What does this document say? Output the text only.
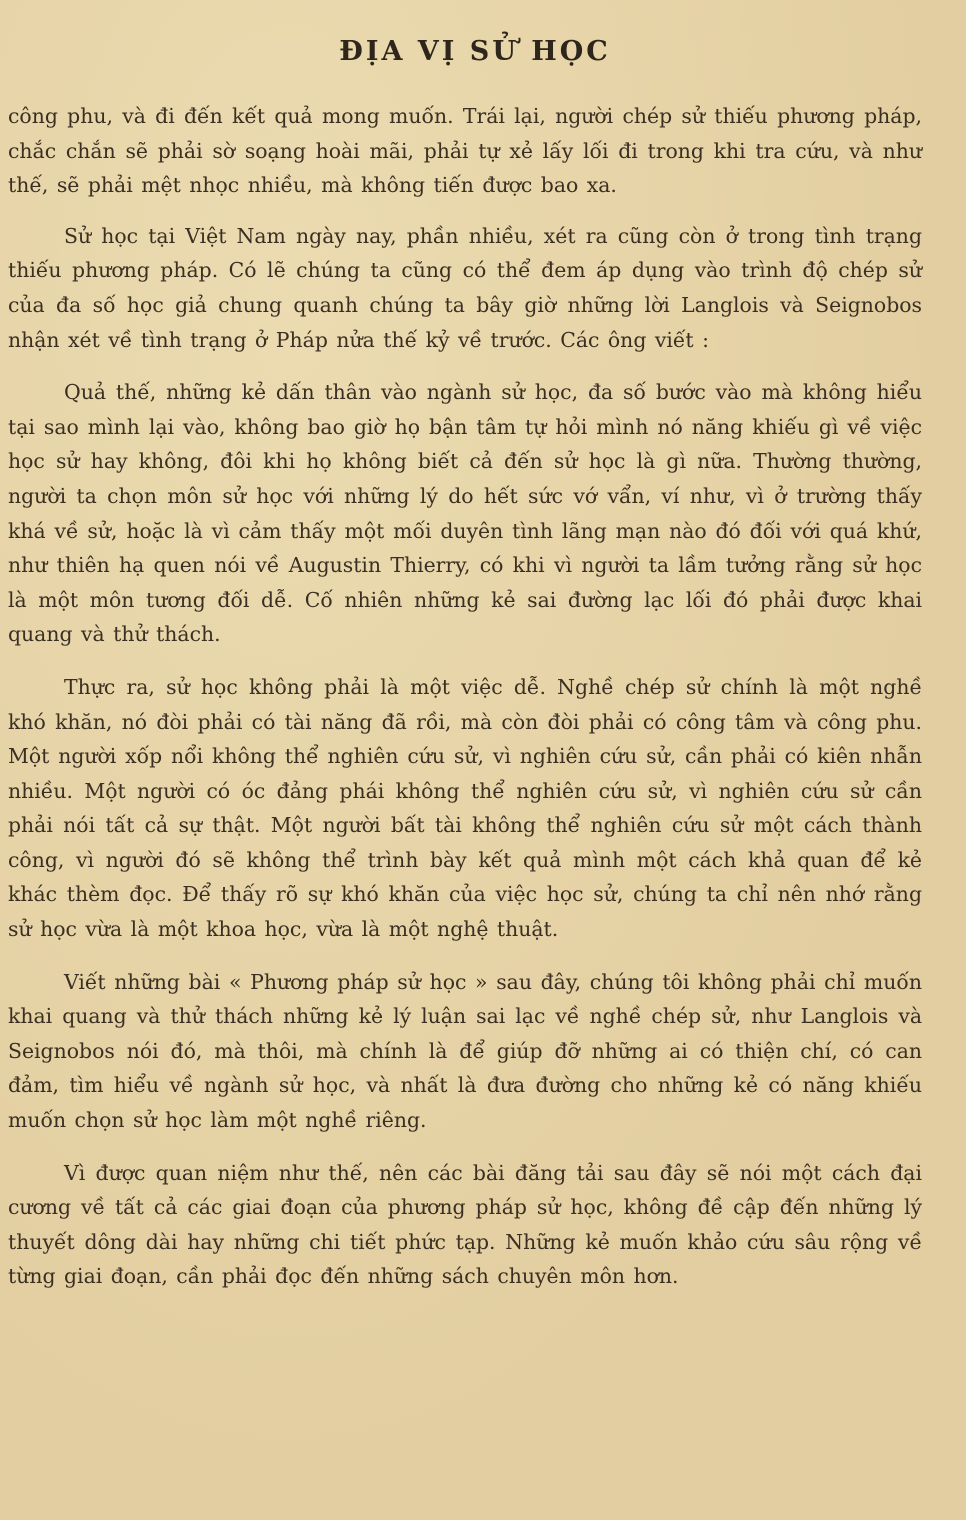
ĐỊA VỊ SỬ HỌC

công phu, và đi đến kết quả mong muốn. Trái lại, người chép sử thiếu phương pháp, chắc chắn sẽ phải sờ soạng hoài mãi, phải tự xẻ lấy lối đi trong khi tra cứu, và như thế, sẽ phải mệt nhọc nhiều, mà không tiến được bao xa.

Sử học tại Việt Nam ngày nay, phần nhiều, xét ra cũng còn ở trong tình trạng thiếu phương pháp. Có lẽ chúng ta cũng có thể đem áp dụng vào trình độ chép sử của đa số học giả chung quanh chúng ta bây giờ những lời Langlois và Seignobos nhận xét về tình trạng ở Pháp nửa thế kỷ về trước. Các ông viết :

Quả thế, những kẻ dấn thân vào ngành sử học, đa số bước vào mà không hiểu tại sao mình lại vào, không bao giờ họ bận tâm tự hỏi mình nó năng khiếu gì về việc học sử hay không, đôi khi họ không biết cả đến sử học là gì nữa. Thường thường, người ta chọn môn sử học với những lý do hết sức vớ vẩn, ví như, vì ở trường thấy khá về sử, hoặc là vì cảm thấy một mối duyên tình lãng mạn nào đó đối với quá khứ, như thiên hạ quen nói về Augustin Thierry, có khi vì người ta lầm tưởng rằng sử học là một môn tương đối dễ. Cố nhiên những kẻ sai đường lạc lối đó phải được khai quang và thử thách.

Thực ra, sử học không phải là một việc dễ. Nghề chép sử chính là một nghề khó khăn, nó đòi phải có tài năng đã rồi, mà còn đòi phải có công tâm và công phu. Một người xốp nổi không thể nghiên cứu sử, vì nghiên cứu sử, cần phải có kiên nhẫn nhiều. Một người có óc đảng phái không thể nghiên cứu sử, vì nghiên cứu sử cần phải nói tất cả sự thật. Một người bất tài không thể nghiên cứu sử một cách thành công, vì người đó sẽ không thể trình bày kết quả mình một cách khả quan để kẻ khác thèm đọc. Để thấy rõ sự khó khăn của việc học sử, chúng ta chỉ nên nhớ rằng sử học vừa là một khoa học, vừa là một nghệ thuật.

Viết những bài « Phương pháp sử học » sau đây, chúng tôi không phải chỉ muốn khai quang và thử thách những kẻ lý luận sai lạc về nghề chép sử, như Langlois và Seignobos nói đó, mà thôi, mà chính là để giúp đỡ những ai có thiện chí, có can đảm, tìm hiểu về ngành sử học, và nhất là đưa đường cho những kẻ có năng khiếu muốn chọn sử học làm một nghề riêng.

Vì được quan niệm như thế, nên các bài đăng tải sau đây sẽ nói một cách đại cương về tất cả các giai đoạn của phương pháp sử học, không đề cập đến những lý thuyết dông dài hay những chi tiết phức tạp. Những kẻ muốn khảo cứu sâu rộng về từng giai đoạn, cần phải đọc đến những sách chuyên môn hơn.
